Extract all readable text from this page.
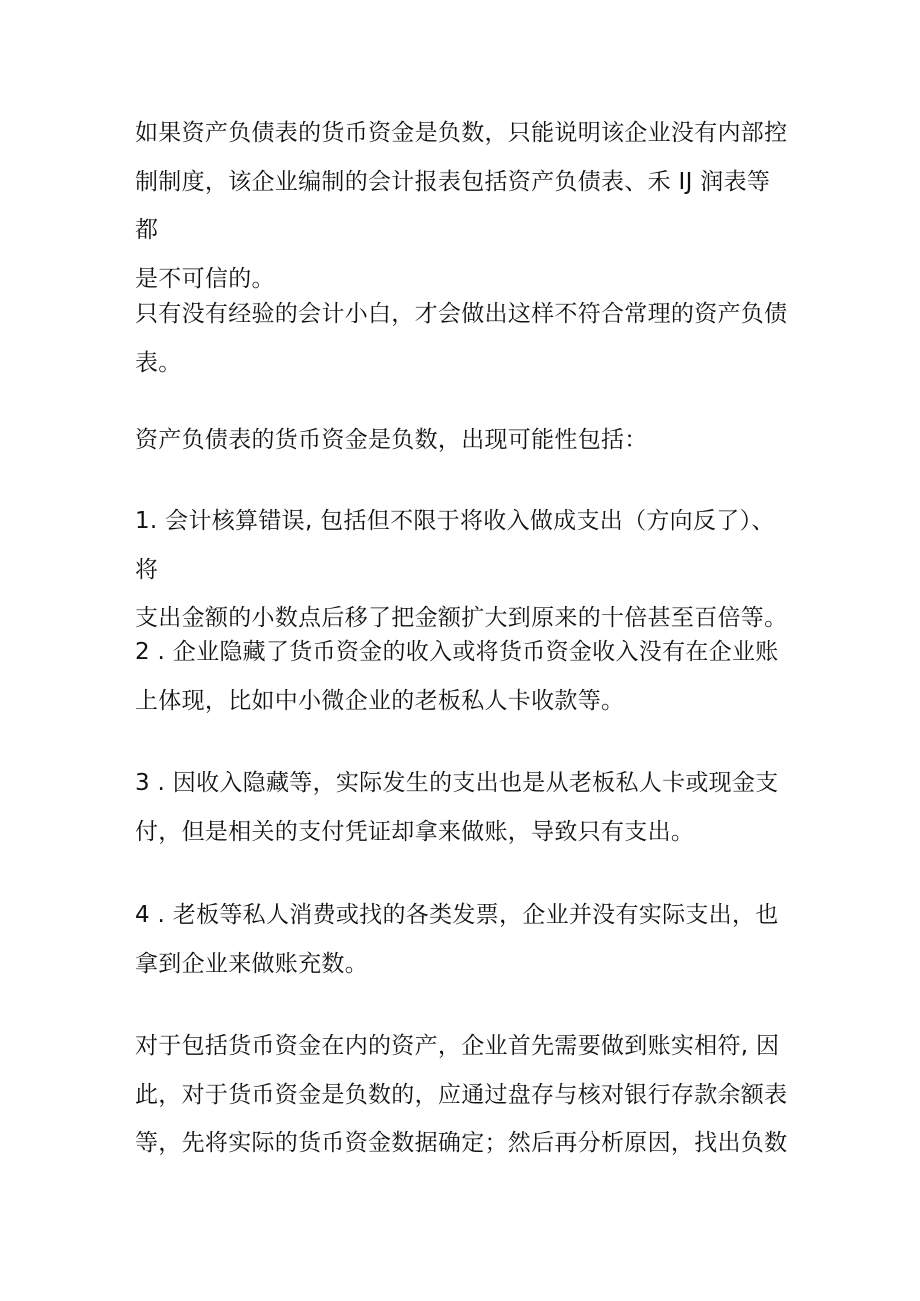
如果资产负债表的货币资金是负数，只能说明该企业没有内部控
制制度，该企业编制的会计报表包括资产负债表、禾 IJ 润表等都
是不可信的。

只有没有经验的会计小白，才会做出这样不符合常理的资产负债
表。

资产负债表的货币资金是负数，出现可能性包括：

1. 会计核算错误, 包括但不限于将收入做成支出（方向反了）、将
支出金额的小数点后移了把金额扩大到原来的十倍甚至百倍等。

2 . 企业隐藏了货币资金的收入或将货币资金收入没有在企业账
上体现，比如中小微企业的老板私人卡收款等。

3 . 因收入隐藏等，实际发生的支出也是从老板私人卡或现金支
付，但是相关的支付凭证却拿来做账，导致只有支出。

4 . 老板等私人消费或找的各类发票，企业并没有实际支出，也
拿到企业来做账充数。

对于包括货币资金在内的资产，企业首先需要做到账实相符, 因
此，对于货币资金是负数的，应通过盘存与核对银行存款余额表
等，先将实际的货币资金数据确定；然后再分析原因，找出负数
